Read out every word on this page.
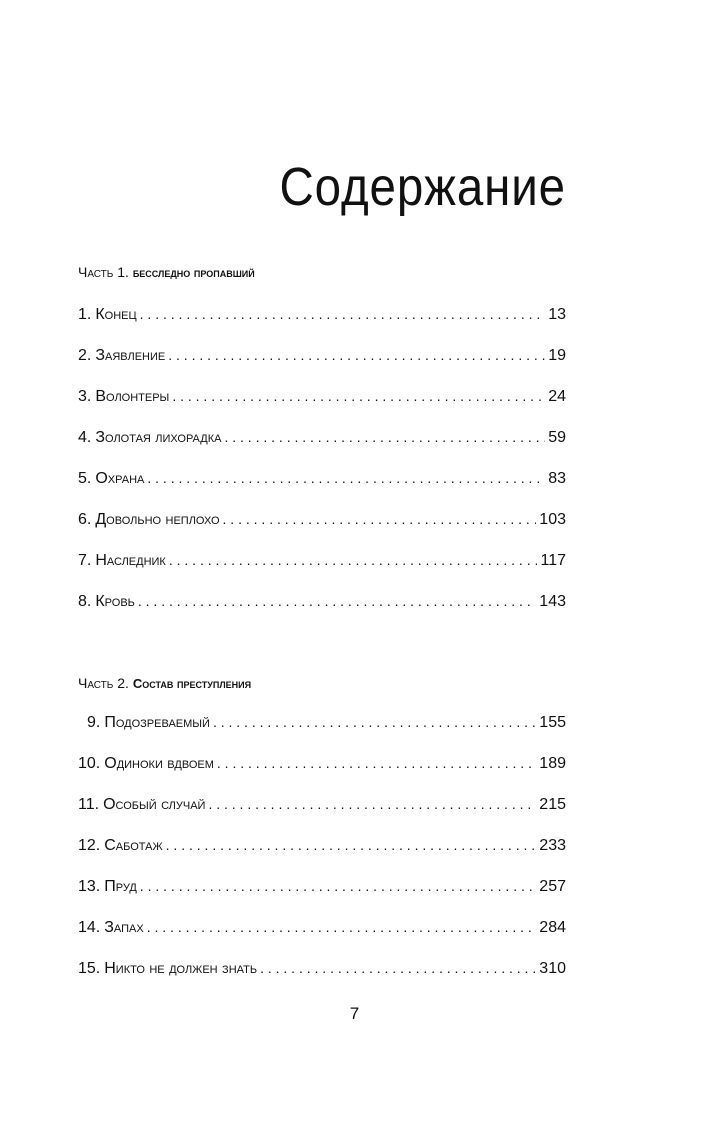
Содержание
Часть 1. бесследно пропавший
1. Конец . . .	13
2. Заявление . . .	19
3. Волонтеры . . .	24
4. Золотая лихорадка . . .	59
5. Охрана . . .	83
6. Довольно неплохо . . .	103
7. Наследник . . .	117
8. Кровь . . .	143
Часть 2. Состав преступления
9. Подозреваемый . . .	155
10. Одиноки вдвоем . . .	189
11. Особый случай . . .	215
12. Саботаж . . .	233
13. Пруд . . .	257
14. Запах . . .	284
15. Никто не должен знать . . .	310
7
